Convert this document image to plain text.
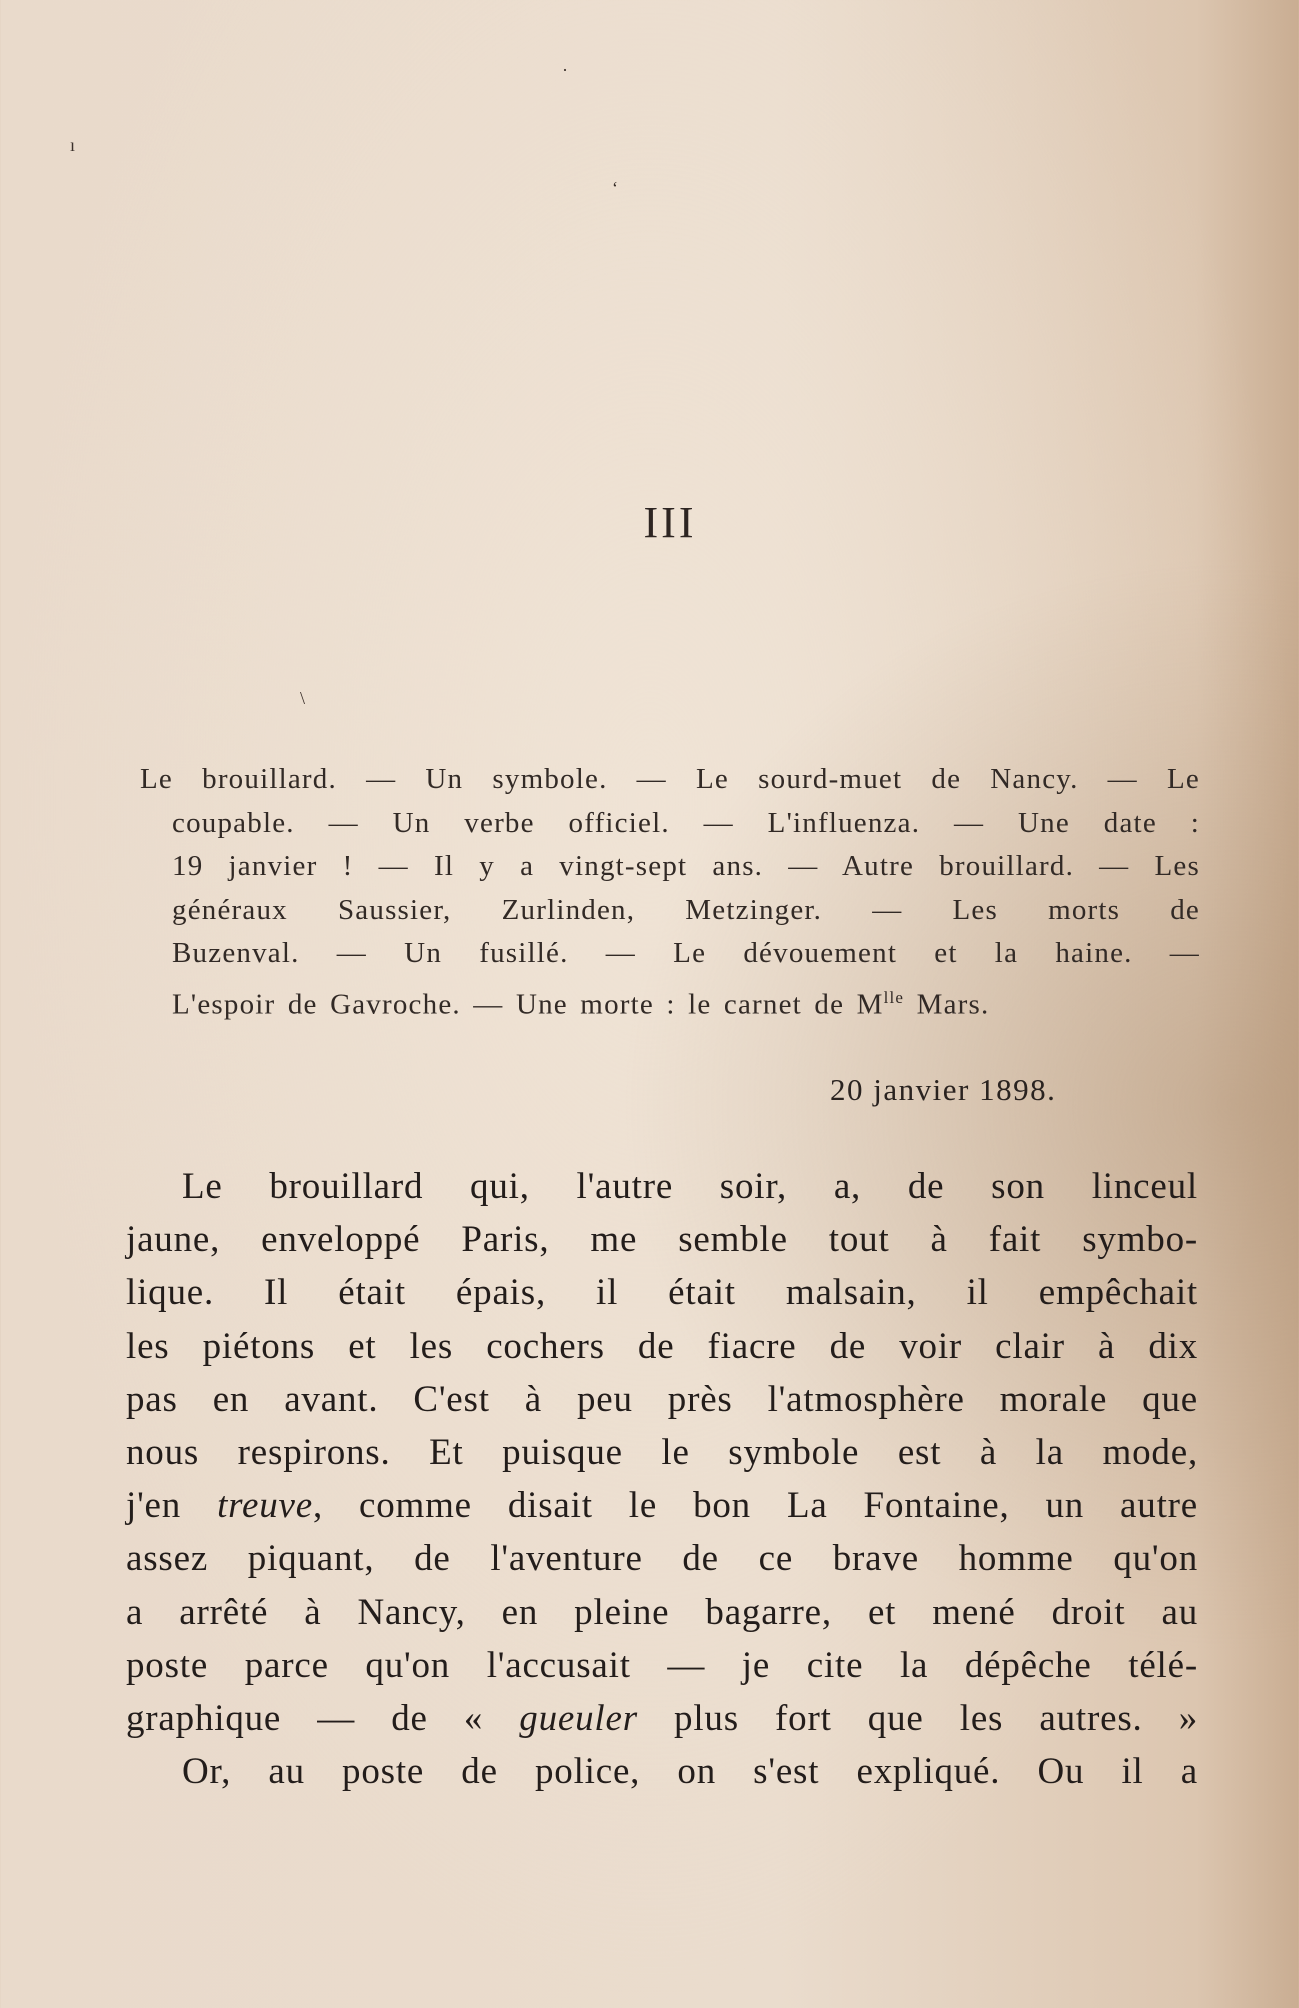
ı
·
ʻ
\
III
Le brouillard. — Un symbole. — Le sourd-muet de Nancy. — Le
coupable. — Un verbe officiel. — L'influenza. — Une date :
19 janvier ! — Il y a vingt-sept ans. — Autre brouillard. — Les
généraux Saussier, Zurlinden, Metzinger. — Les morts de
Buzenval. — Un fusillé. — Le dévouement et la haine. —
L'espoir de Gavroche. — Une morte : le carnet de $M^{lle}$ Mars.
20 janvier 1898.
Le brouillard qui, l'autre soir, a, de son linceul
jaune, enveloppé Paris, me semble tout à fait symbo-
lique. Il était épais, il était malsain, il empêchait
les piétons et les cochers de fiacre de voir clair à dix
pas en avant. C'est à peu près l'atmosphère morale que
nous respirons. Et puisque le symbole est à la mode,
j'en treuve, comme disait le bon La Fontaine, un autre
assez piquant, de l'aventure de ce brave homme qu'on
a arrêté à Nancy, en pleine bagarre, et mené droit au
poste parce qu'on l'accusait — je cite la dépêche télé-
graphique — de « gueuler plus fort que les autres. »
Or, au poste de police, on s'est expliqué. Ou il a
